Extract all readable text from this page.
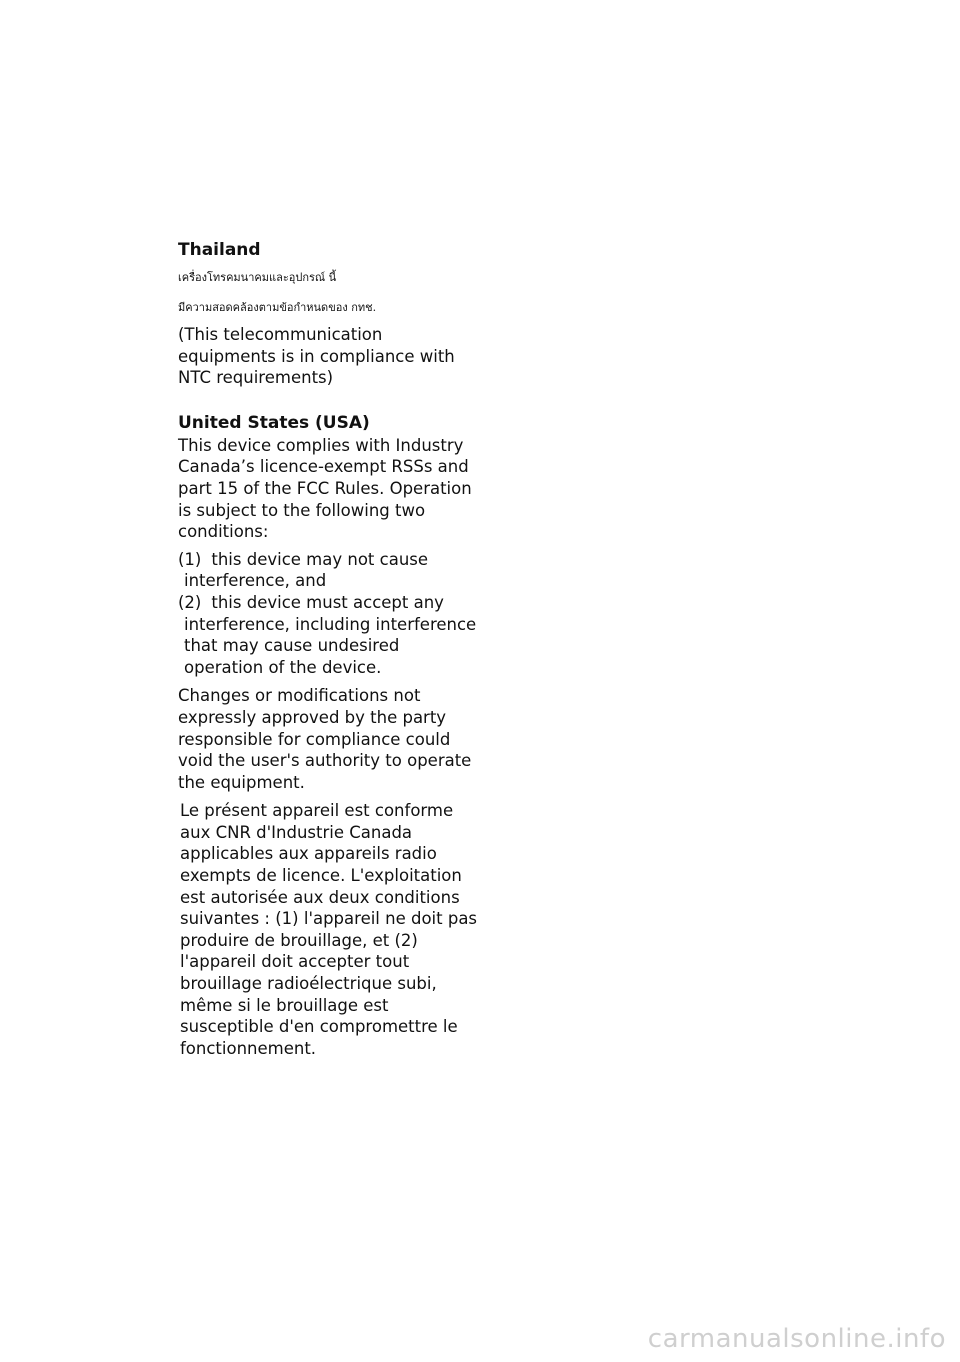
Thailand
เครื่องโทรคมนาคมและอุปกรณ์ นี้
มีความสอดคล้องตามข้อกำหนดของ กทช.

(This telecommunication equipments is in compliance with NTC requirements)

United States (USA)

This device complies with Industry Canada’s licence-exempt RSSs and part 15 of the FCC Rules. Operation is subject to the following two conditions:

(1) this device may not cause interference, and
(2) this device must accept any interference, including interference that may cause undesired operation of the device.

Changes or modifications not expressly approved by the party responsible for compliance could void the user's authority to operate the equipment.

Le présent appareil est conforme aux CNR d'Industrie Canada applicables aux appareils radio exempts de licence. L'exploitation est autorisée aux deux conditions suivantes : (1) l'appareil ne doit pas produire de brouillage, et (2) l'appareil doit accepter tout brouillage radioélectrique subi, même si le brouillage est susceptible d'en compromettre le fonctionnement.

carmanualsonline.info
